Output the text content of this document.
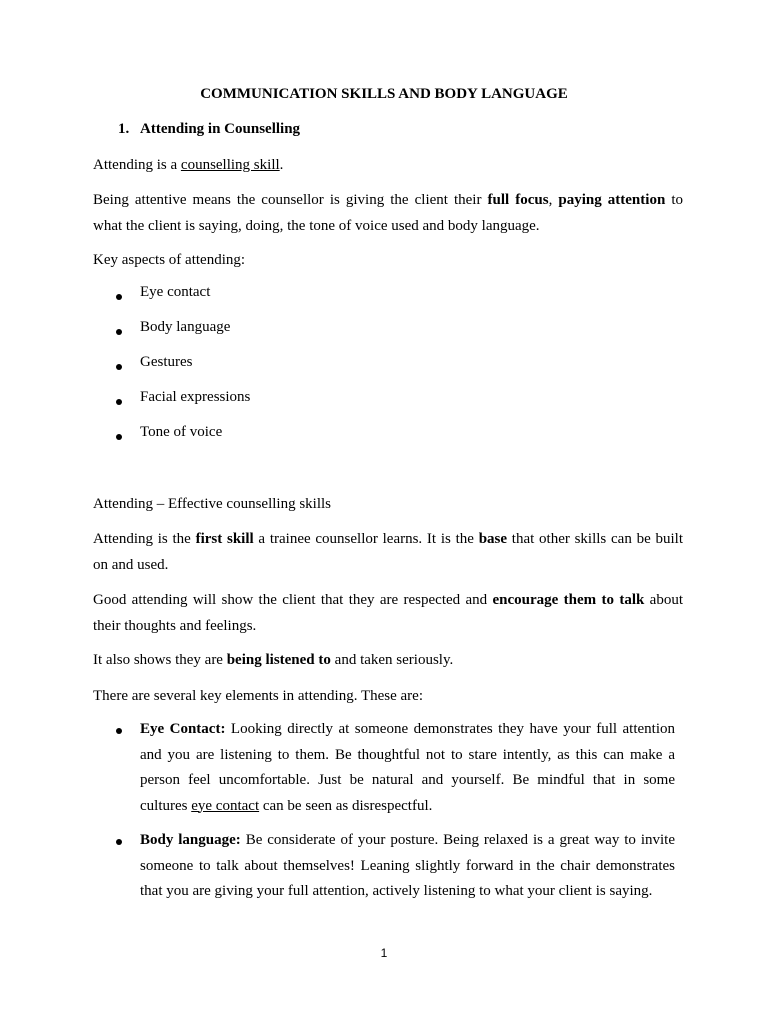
COMMUNICATION SKILLS AND BODY LANGUAGE
1. Attending in Counselling
Attending is a counselling skill.
Being attentive means the counsellor is giving the client their full focus, paying attention to
what the client is saying, doing, the tone of voice used and body language.
Key aspects of attending:
Eye contact
Body language
Gestures
Facial expressions
Tone of voice
Attending – Effective counselling skills
Attending is the first skill a trainee counsellor learns. It is the base that other skills can be built
on and used.
Good attending will show the client that they are respected and encourage them to talk about
their thoughts and feelings.
It also shows they are being listened to and taken seriously.
There are several key elements in attending. These are:
Eye Contact: Looking directly at someone demonstrates they have your full attention
and you are listening to them. Be thoughtful not to stare intently, as this can make a
person feel uncomfortable. Just be natural and yourself. Be mindful that in some
cultures eye contact can be seen as disrespectful.
Body language: Be considerate of your posture. Being relaxed is a great way to invite
someone to talk about themselves! Leaning slightly forward in the chair demonstrates
that you are giving your full attention, actively listening to what your client is saying.
1
